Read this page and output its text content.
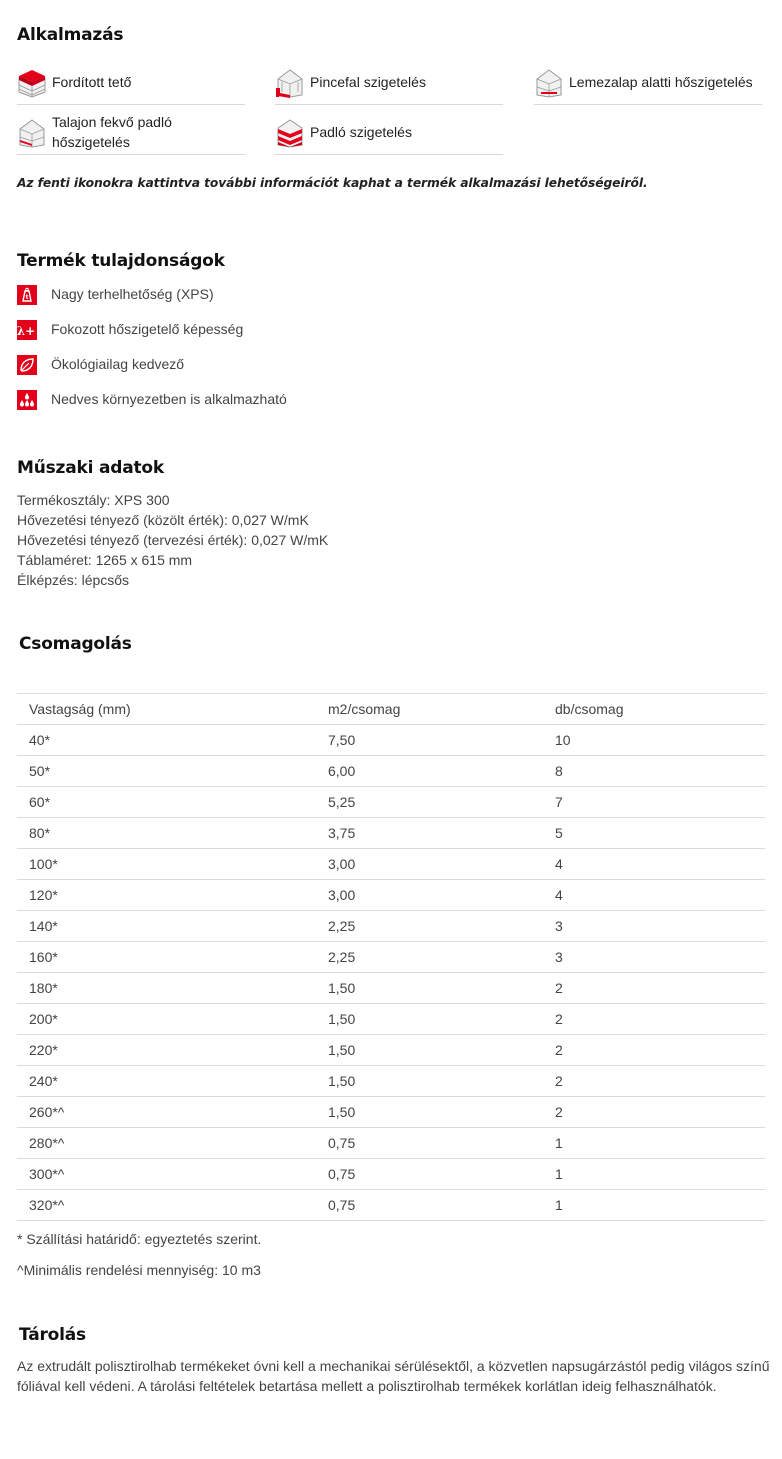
Alkalmazás
Fordított tető	Pincefal szigetelés	Lemezalap alatti hőszigetelés
Talajon fekvő padló hőszigetelés
Padló szigetelés
Az fenti ikonokra kattintva további információt kaphat a termék alkalmazási lehetőségeiről.
Termék tulajdonságok
t Nagy terhelhetőség (XPS)
λ+ Fokozott hőszigetelő képesség
Ökológiailag kedvező
Nedves környezetben is alkalmazható
Műszaki adatok
Termékosztály: XPS 300
Hővezetési tényező (közölt érték): 0,027 W/mK
Hővezetési tényező (tervezési érték): 0,027 W/mK
Táblaméret: 1265 x 615 mm
Élképzés: lépcsős
Csomagolás
Vastagság (mm)	m2/csomag	db/csomag
40*	7,50	10
50*	6,00	8
60*	5,25	7
80*	3,75	5
100*	3,00	4
120*	3,00	4
140*	2,25	3
160*	2,25	3
180*	1,50	2
200*	1,50	2
220*	1,50	2
240*	1,50	2
260*^	1,50	2
280*^	0,75	1
300*^	0,75	1
320*^	0,75	1
* Szállítási határidő: egyeztetés szerint.
^Minimális rendelési mennyiség: 10 m3
Tárolás
Az extrudált polisztirolhab termékeket óvni kell a mechanikai sérülésektől, a közvetlen napsugárzástól pedig világos színű fóliával kell védeni. A tárolási feltételek betartása mellett a polisztirolhab termékek korlátlan ideig felhasználhatók.
